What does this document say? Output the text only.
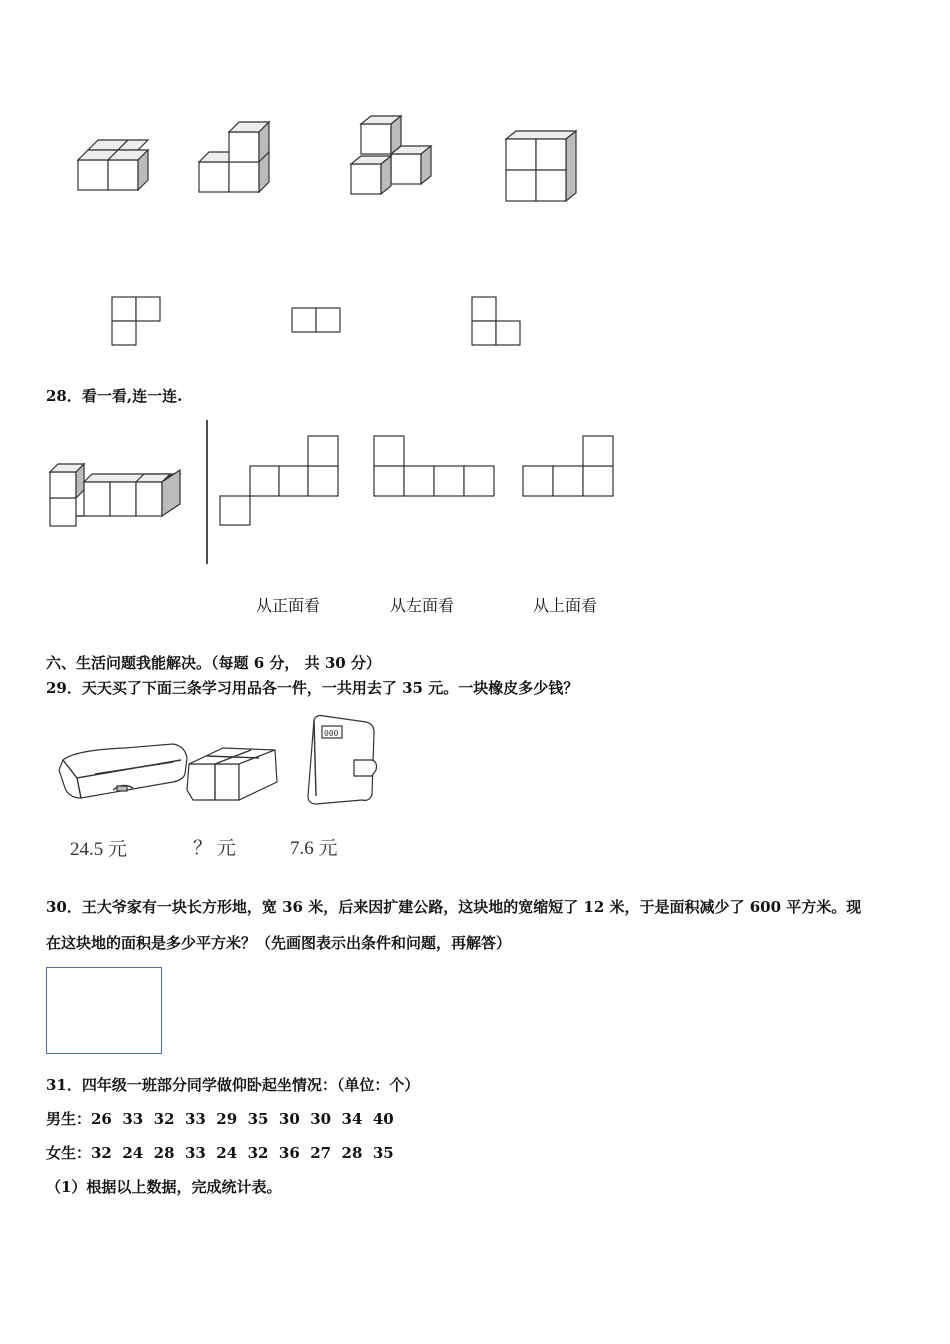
28．看一看,连一连.
从正面看	从左面看	从上面看
六、生活问题我能解决。（每题 6 分， 共 30 分）
29．天天买了下面三条学习用品各一件，一共用去了 35 元。一块橡皮多少钱？
000
24.5 元	？ 元	7.6 元
30．王大爷家有一块长方形地，宽 36 米，后来因扩建公路，这块地的宽缩短了 12 米，于是面积减少了 600 平方米。现
在这块地的面积是多少平方米？（先画图表示出条件和问题，再解答）
31．四年级一班部分同学做仰卧起坐情况：（单位：个）
男生：26  33  32  33  29  35  30  30  34  40
女生：32  24  28  33  24  32  36  27  28  35
（1）根据以上数据，完成统计表。
